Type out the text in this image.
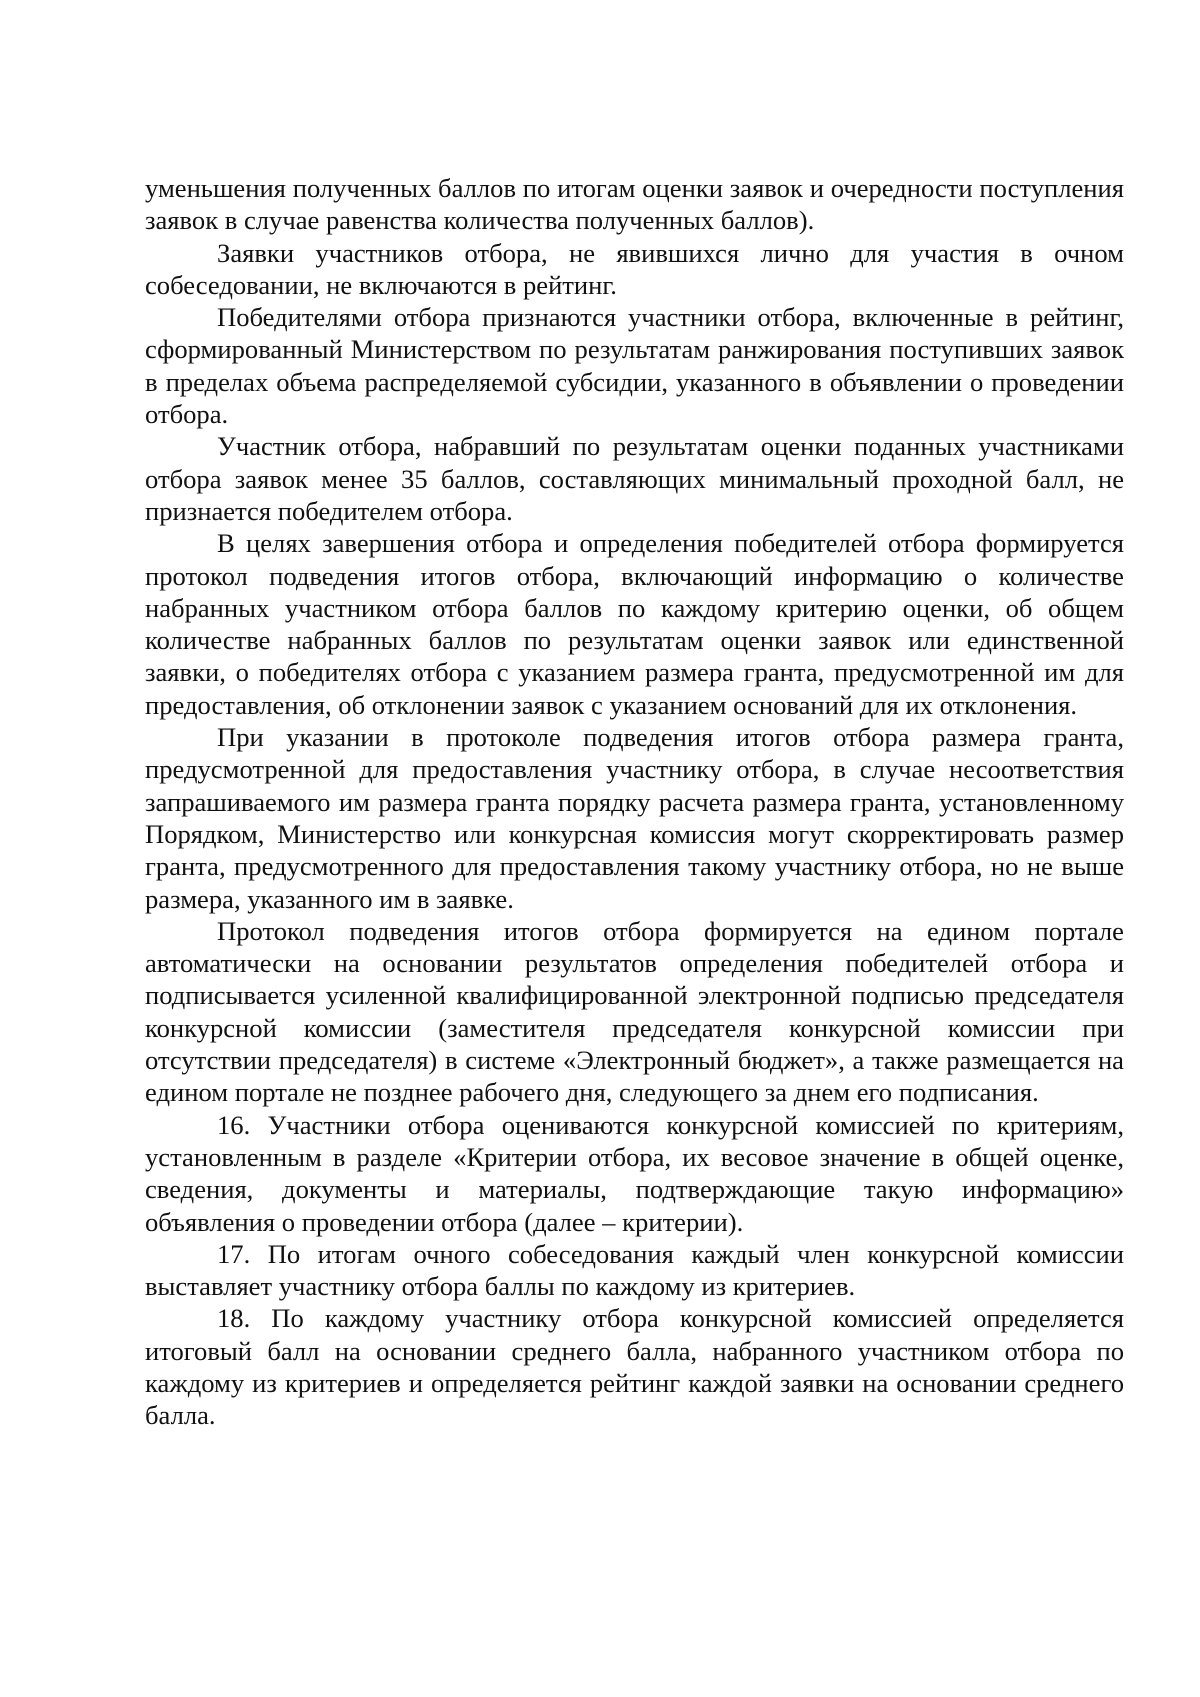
уменьшения полученных баллов по итогам оценки заявок и очередности поступления заявок в случае равенства количества полученных баллов).

Заявки участников отбора, не явившихся лично для участия в очном собеседовании, не включаются в рейтинг.

Победителями отбора признаются участники отбора, включенные в рейтинг, сформированный Министерством по результатам ранжирования поступивших заявок в пределах объема распределяемой субсидии, указанного в объявлении о проведении отбора.

Участник отбора, набравший по результатам оценки поданных участниками отбора заявок менее 35 баллов, составляющих минимальный проходной балл, не признается победителем отбора.

В целях завершения отбора и определения победителей отбора формируется протокол подведения итогов отбора, включающий информацию о количестве набранных участником отбора баллов по каждому критерию оценки, об общем количестве набранных баллов по результатам оценки заявок или единственной заявки, о победителях отбора с указанием размера гранта, предусмотренной им для предоставления, об отклонении заявок с указанием оснований для их отклонения.

При указании в протоколе подведения итогов отбора размера гранта, предусмотренной для предоставления участнику отбора, в случае несоответствия запрашиваемого им размера гранта порядку расчета размера гранта, установленному Порядком, Министерство или конкурсная комиссия могут скорректировать размер гранта, предусмотренного для предоставления такому участнику отбора, но не выше размера, указанного им в заявке.

Протокол подведения итогов отбора формируется на едином портале автоматически на основании результатов определения победителей отбора и подписывается усиленной квалифицированной электронной подписью председателя конкурсной комиссии (заместителя председателя конкурсной комиссии при отсутствии председателя) в системе «Электронный бюджет», а также размещается на едином портале не позднее рабочего дня, следующего за днем его подписания.

16. Участники отбора оцениваются конкурсной комиссией по критериям, установленным в разделе «Критерии отбора, их весовое значение в общей оценке, сведения, документы и материалы, подтверждающие такую информацию» объявления о проведении отбора (далее – критерии).

17. По итогам очного собеседования каждый член конкурсной комиссии выставляет участнику отбора баллы по каждому из критериев.

18. По каждому участнику отбора конкурсной комиссией определяется итоговый балл на основании среднего балла, набранного участником отбора по каждому из критериев и определяется рейтинг каждой заявки на основании среднего балла.
